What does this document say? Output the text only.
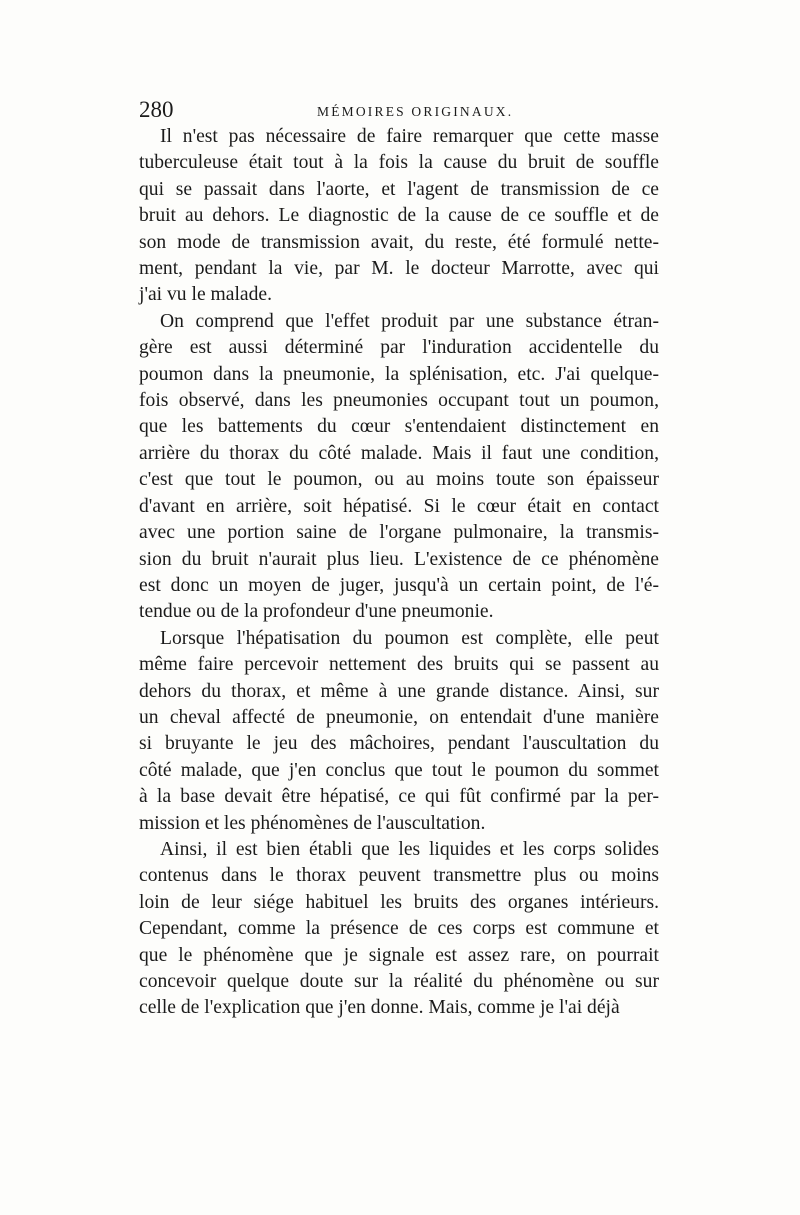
280	MÉMOIRES ORIGINAUX.
Il n'est pas nécessaire de faire remarquer que cette masse
tuberculeuse était tout à la fois la cause du bruit de souffle
qui se passait dans l'aorte, et l'agent de transmission de ce
bruit au dehors. Le diagnostic de la cause de ce souffle et de
son mode de transmission avait, du reste, été formulé nette-
ment, pendant la vie, par M. le docteur Marrotte, avec qui
j'ai vu le malade.
On comprend que l'effet produit par une substance étran-
gère est aussi déterminé par l'induration accidentelle du
poumon dans la pneumonie, la splénisation, etc. J'ai quelque-
fois observé, dans les pneumonies occupant tout un poumon,
que les battements du cœur s'entendaient distinctement en
arrière du thorax du côté malade. Mais il faut une condition,
c'est que tout le poumon, ou au moins toute son épaisseur
d'avant en arrière, soit hépatisé. Si le cœur était en contact
avec une portion saine de l'organe pulmonaire, la transmis-
sion du bruit n'aurait plus lieu. L'existence de ce phénomène
est donc un moyen de juger, jusqu'à un certain point, de l'é-
tendue ou de la profondeur d'une pneumonie.
Lorsque l'hépatisation du poumon est complète, elle peut
même faire percevoir nettement des bruits qui se passent au
dehors du thorax, et même à une grande distance. Ainsi, sur
un cheval affecté de pneumonie, on entendait d'une manière
si bruyante le jeu des mâchoires, pendant l'auscultation du
côté malade, que j'en conclus que tout le poumon du sommet
à la base devait être hépatisé, ce qui fût confirmé par la per-
mission et les phénomènes de l'auscultation.
Ainsi, il est bien établi que les liquides et les corps solides
contenus dans le thorax peuvent transmettre plus ou moins
loin de leur siége habituel les bruits des organes intérieurs.
Cependant, comme la présence de ces corps est commune et
que le phénomène que je signale est assez rare, on pourrait
concevoir quelque doute sur la réalité du phénomène ou sur
celle de l'explication que j'en donne. Mais, comme je l'ai déjà
